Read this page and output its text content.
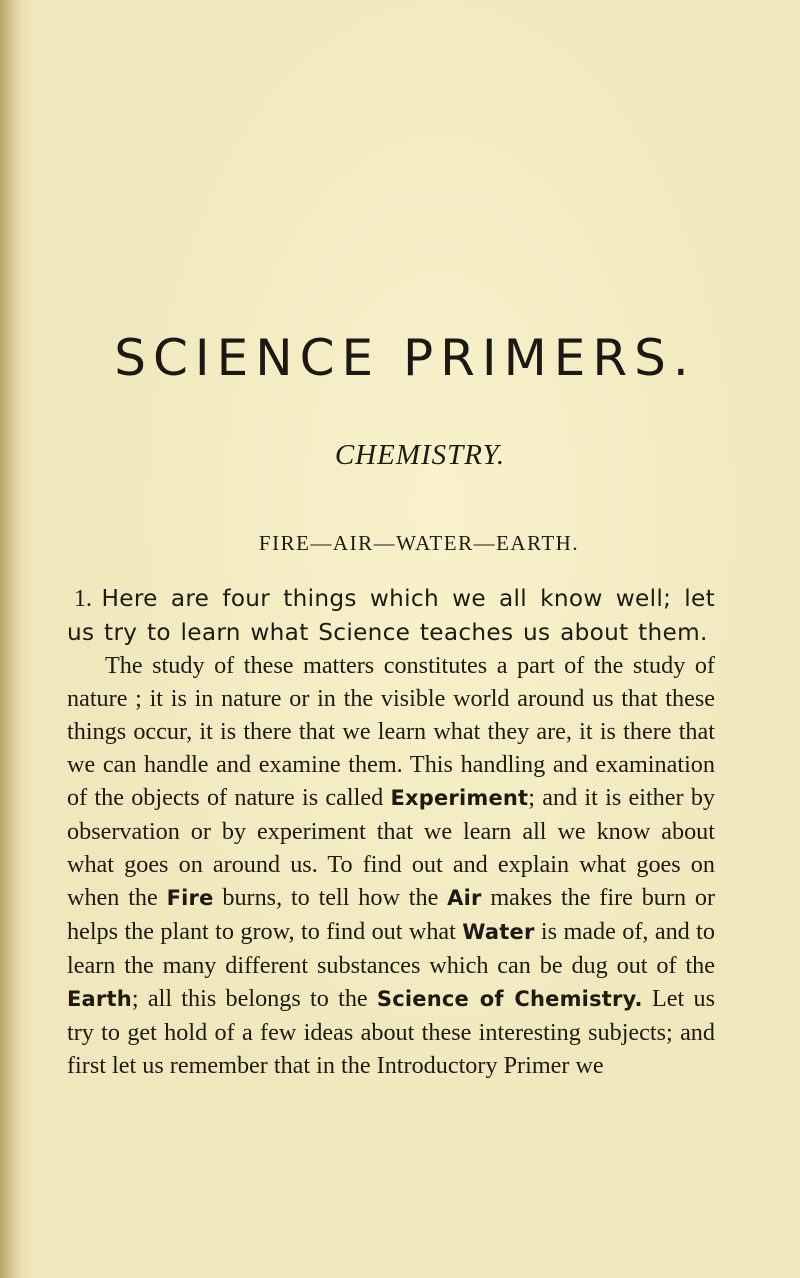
SCIENCE PRIMERS.
CHEMISTRY.
FIRE—AIR—WATER—EARTH.

1. Here are four things which we all know well; let us try to learn what Science teaches us about them.

The study of these matters constitutes a part of the study of nature ; it is in nature or in the visible world around us that these things occur, it is there that we learn what they are, it is there that we can handle and examine them. This handling and examination of the objects of nature is called Experiment; and it is either by observation or by experiment that we learn all we know about what goes on around us. To find out and explain what goes on when the Fire burns, to tell how the Air makes the fire burn or helps the plant to grow, to find out what Water is made of, and to learn the many different substances which can be dug out of the Earth; all this belongs to the Science of Chemistry. Let us try to get hold of a few ideas about these interesting subjects; and first let us remember that in the Introductory Primer we
